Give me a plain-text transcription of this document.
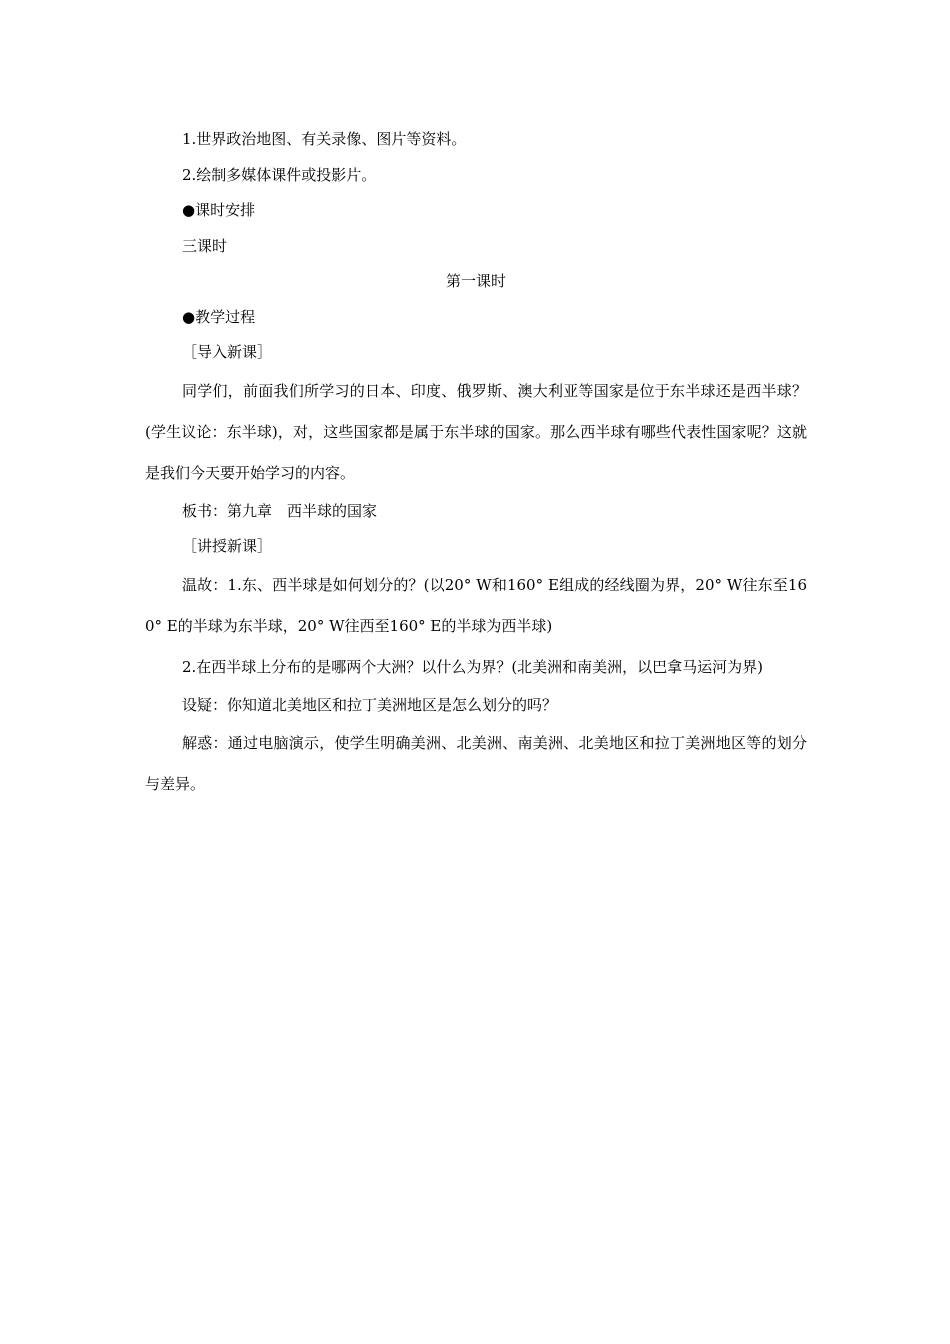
1.世界政治地图、有关录像、图片等资料。

2.绘制多媒体课件或投影片。

●课时安排

三课时

第一课时

●教学过程

［导入新课］

同学们，前面我们所学习的日本、印度、俄罗斯、澳大利亚等国家是位于东半球还是西半球？(学生议论：东半球)，对，这些国家都是属于东半球的国家。那么西半球有哪些代表性国家呢？这就是我们今天要开始学习的内容。

板书：第九章　西半球的国家

［讲授新课］

温故：1.东、西半球是如何划分的？(以20° W和160° E组成的经线圈为界，20° W往东至160° E的半球为东半球，20° W往西至160° E的半球为西半球)

2.在西半球上分布的是哪两个大洲？以什么为界？(北美洲和南美洲，以巴拿马运河为界)

设疑：你知道北美地区和拉丁美洲地区是怎么划分的吗？

解惑：通过电脑演示，使学生明确美洲、北美洲、南美洲、北美地区和拉丁美洲地区等的划分与差异。
